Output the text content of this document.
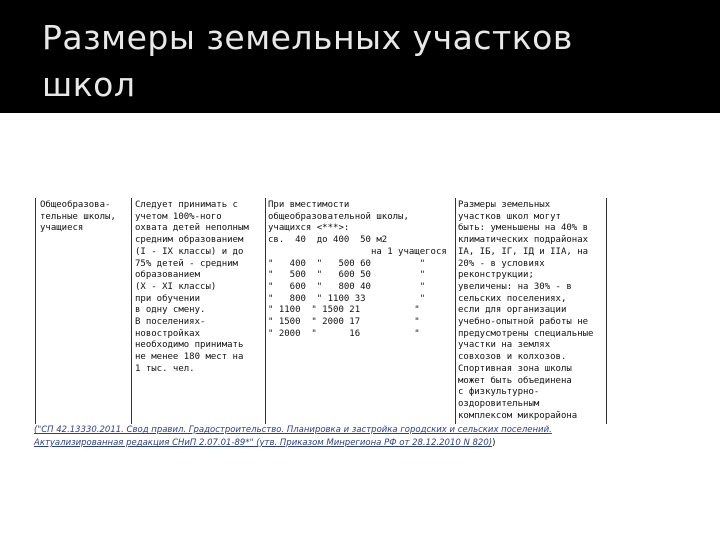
Размеры земельных участков
школ
Общеобразова-
тельные школы,
учащиеся
Следует принимать с
учетом 100%-ного
охвата детей неполным
средним образованием
(I - IX классы) и до
75% детей - средним
образованием
(X - XI классы)
при обучении
в одну смену.
В поселениях-
новостройках
необходимо принимать
не менее 180 мест на
1 тыс. чел.
При вместимости
общеобразовательной школы,
учащихся <***>:
св.  40  до 400  50 м2
на 1 учащегося
"   400  "   500 60         "
"   500  "   600 50         "
"   600  "   800 40         "
"   800  " 1100 33          "
" 1100  " 1500 21          "
" 1500  " 2000 17          "
" 2000  "      16          "
Размеры земельных
участков школ могут
быть: уменьшены на 40% в
климатических подрайонах
IА, IБ, IГ, IД и IIА, на
20% - в условиях
реконструкции;
увеличены: на 30% - в
сельских поселениях,
если для организации
учебно-опытной работы не
предусмотрены специальные
участки на землях
совхозов и колхозов.
Спортивная зона школы
может быть объединена
с физкультурно-
оздоровительным
комплексом микрорайона
("СП 42.13330.2011. Свод правил. Градостроительство. Планировка и застройка городских и сельских поселений.
Актуализированная редакция СНиП 2.07.01-89*" (утв. Приказом Минрегиона РФ от 28.12.2010 N 820))
